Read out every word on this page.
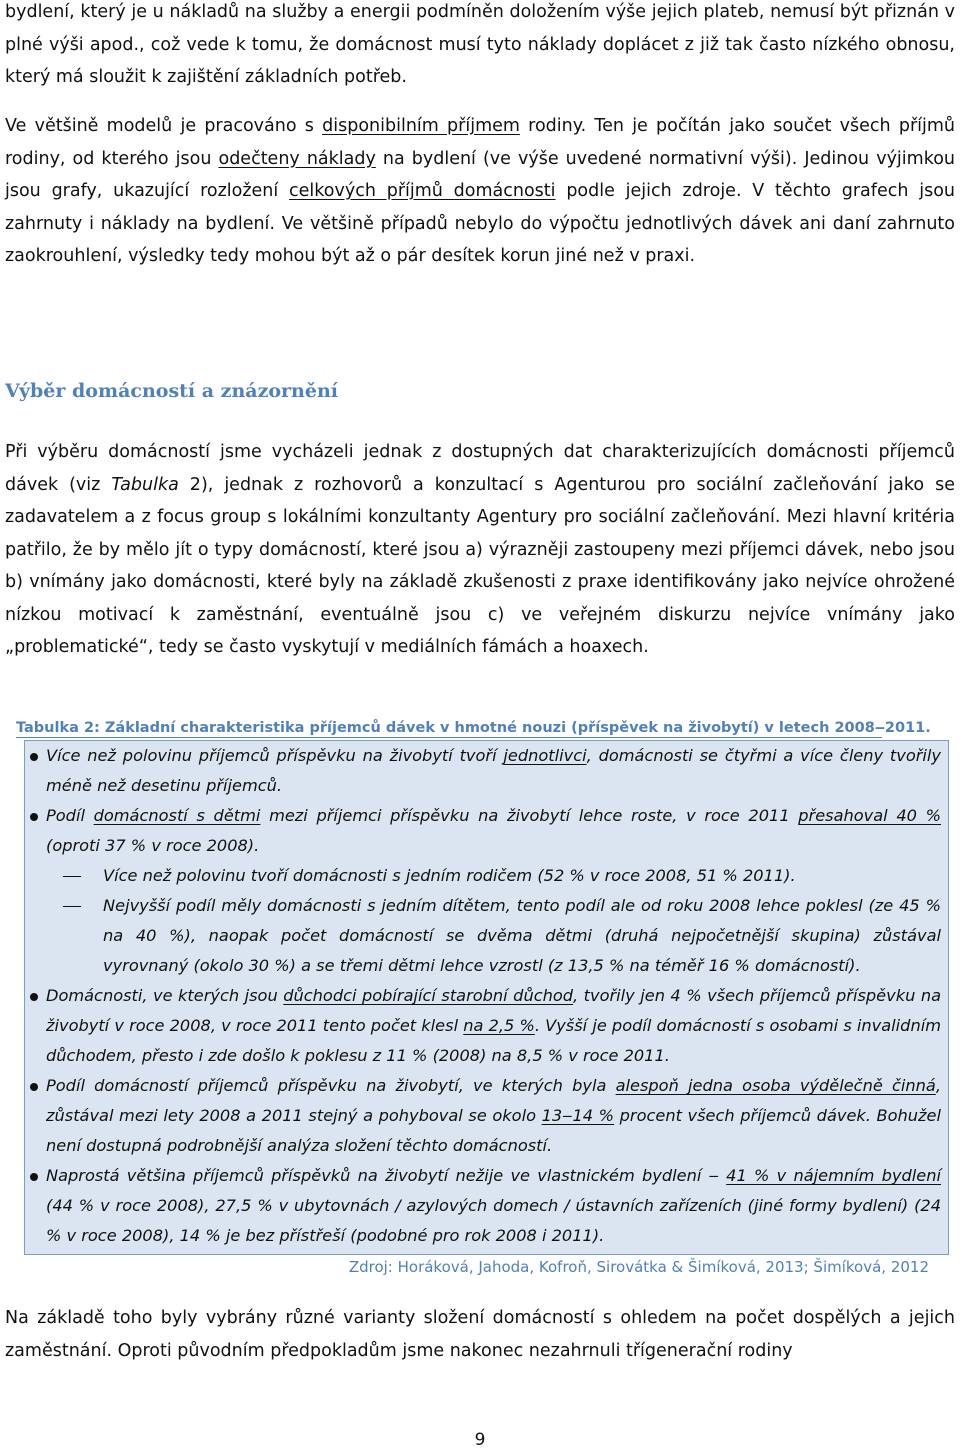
bydlení, který je u nákladů na služby a energii podmíněn doložením výše jejich plateb, nemusí být přiznán v plné výši apod., což vede k tomu, že domácnost musí tyto náklady doplácet z již tak často nízkého obnosu, který má sloužit k zajištění základních potřeb.

Ve většině modelů je pracováno s disponibilním příjmem rodiny. Ten je počítán jako součet všech příjmů rodiny, od kterého jsou odečteny náklady na bydlení (ve výše uvedené normativní výši). Jedinou výjimkou jsou grafy, ukazující rozložení celkových příjmů domácnosti podle jejich zdroje. V těchto grafech jsou zahrnuty i náklady na bydlení. Ve většině případů nebylo do výpočtu jednotlivých dávek ani daní zahrnuto zaokrouhlení, výsledky tedy mohou být až o pár desítek korun jiné než v praxi.

Výběr domácností a znázornění

Při výběru domácností jsme vycházeli jednak z dostupných dat charakterizujících domácnosti příjemců dávek (viz Tabulka 2), jednak z rozhovorů a konzultací s Agenturou pro sociální začleňování jako se zadavatelem a z focus group s lokálními konzultanty Agentury pro sociální začleňování. Mezi hlavní kritéria patřilo, že by mělo jít o typy domácností, které jsou a) výrazněji zastoupeny mezi příjemci dávek, nebo jsou b) vnímány jako domácnosti, které byly na základě zkušenosti z praxe identifikovány jako nejvíce ohrožené nízkou motivací k zaměstnání, eventuálně jsou c) ve veřejném diskurzu nejvíce vnímány jako „problematické“, tedy se často vyskytují v mediálních fámách a hoaxech.

Tabulka 2: Základní charakteristika příjemců dávek v hmotné nouzi (příspěvek na živobytí) v letech 2008‒2011.

Více než polovinu příjemců příspěvku na živobytí tvoří jednotlivci, domácnosti se čtyřmi a více členy tvořily méně než desetinu příjemců.
Podíl domácností s dětmi mezi příjemci příspěvku na živobytí lehce roste, v roce 2011 přesahoval 40 % (oproti 37 % v roce 2008).
Více než polovinu tvoří domácnosti s jedním rodičem (52 % v roce 2008, 51 % 2011).
Nejvyšší podíl měly domácnosti s jedním dítětem, tento podíl ale od roku 2008 lehce poklesl (ze 45 % na 40 %), naopak počet domácností se dvěma dětmi (druhá nejpočetnější skupina) zůstával vyrovnaný (okolo 30 %) a se třemi dětmi lehce vzrostl (z 13,5 % na téměř 16 % domácností).
Domácnosti, ve kterých jsou důchodci pobírající starobní důchod, tvořily jen 4 % všech příjemců příspěvku na živobytí v roce 2008, v roce 2011 tento počet klesl na 2,5 %. Vyšší je podíl domácností s osobami s invalidním důchodem, přesto i zde došlo k poklesu z 11 % (2008) na 8,5 % v roce 2011.
Podíl domácností příjemců příspěvku na živobytí, ve kterých byla alespoň jedna osoba výdělečně činná, zůstával mezi lety 2008 a 2011 stejný a pohyboval se okolo 13‒14 % procent všech příjemců dávek. Bohužel není dostupná podrobnější analýza složení těchto domácností.
Naprostá většina příjemců příspěvků na živobytí nežije ve vlastnickém bydlení ‒ 41 % v nájemním bydlení (44 % v roce 2008), 27,5 % v ubytovnách / azylových domech / ústavních zařízeních (jiné formy bydlení) (24 % v roce 2008), 14 % je bez přístřeší (podobné pro rok 2008 i 2011).

Zdroj: Horáková, Jahoda, Kofroň, Sirovátka & Šimíková, 2013; Šimíková, 2012

Na základě toho byly vybrány různé varianty složení domácností s ohledem na počet dospělých a jejich zaměstnání. Oproti původním předpokladům jsme nakonec nezahrnuli třígenerační rodiny

9
